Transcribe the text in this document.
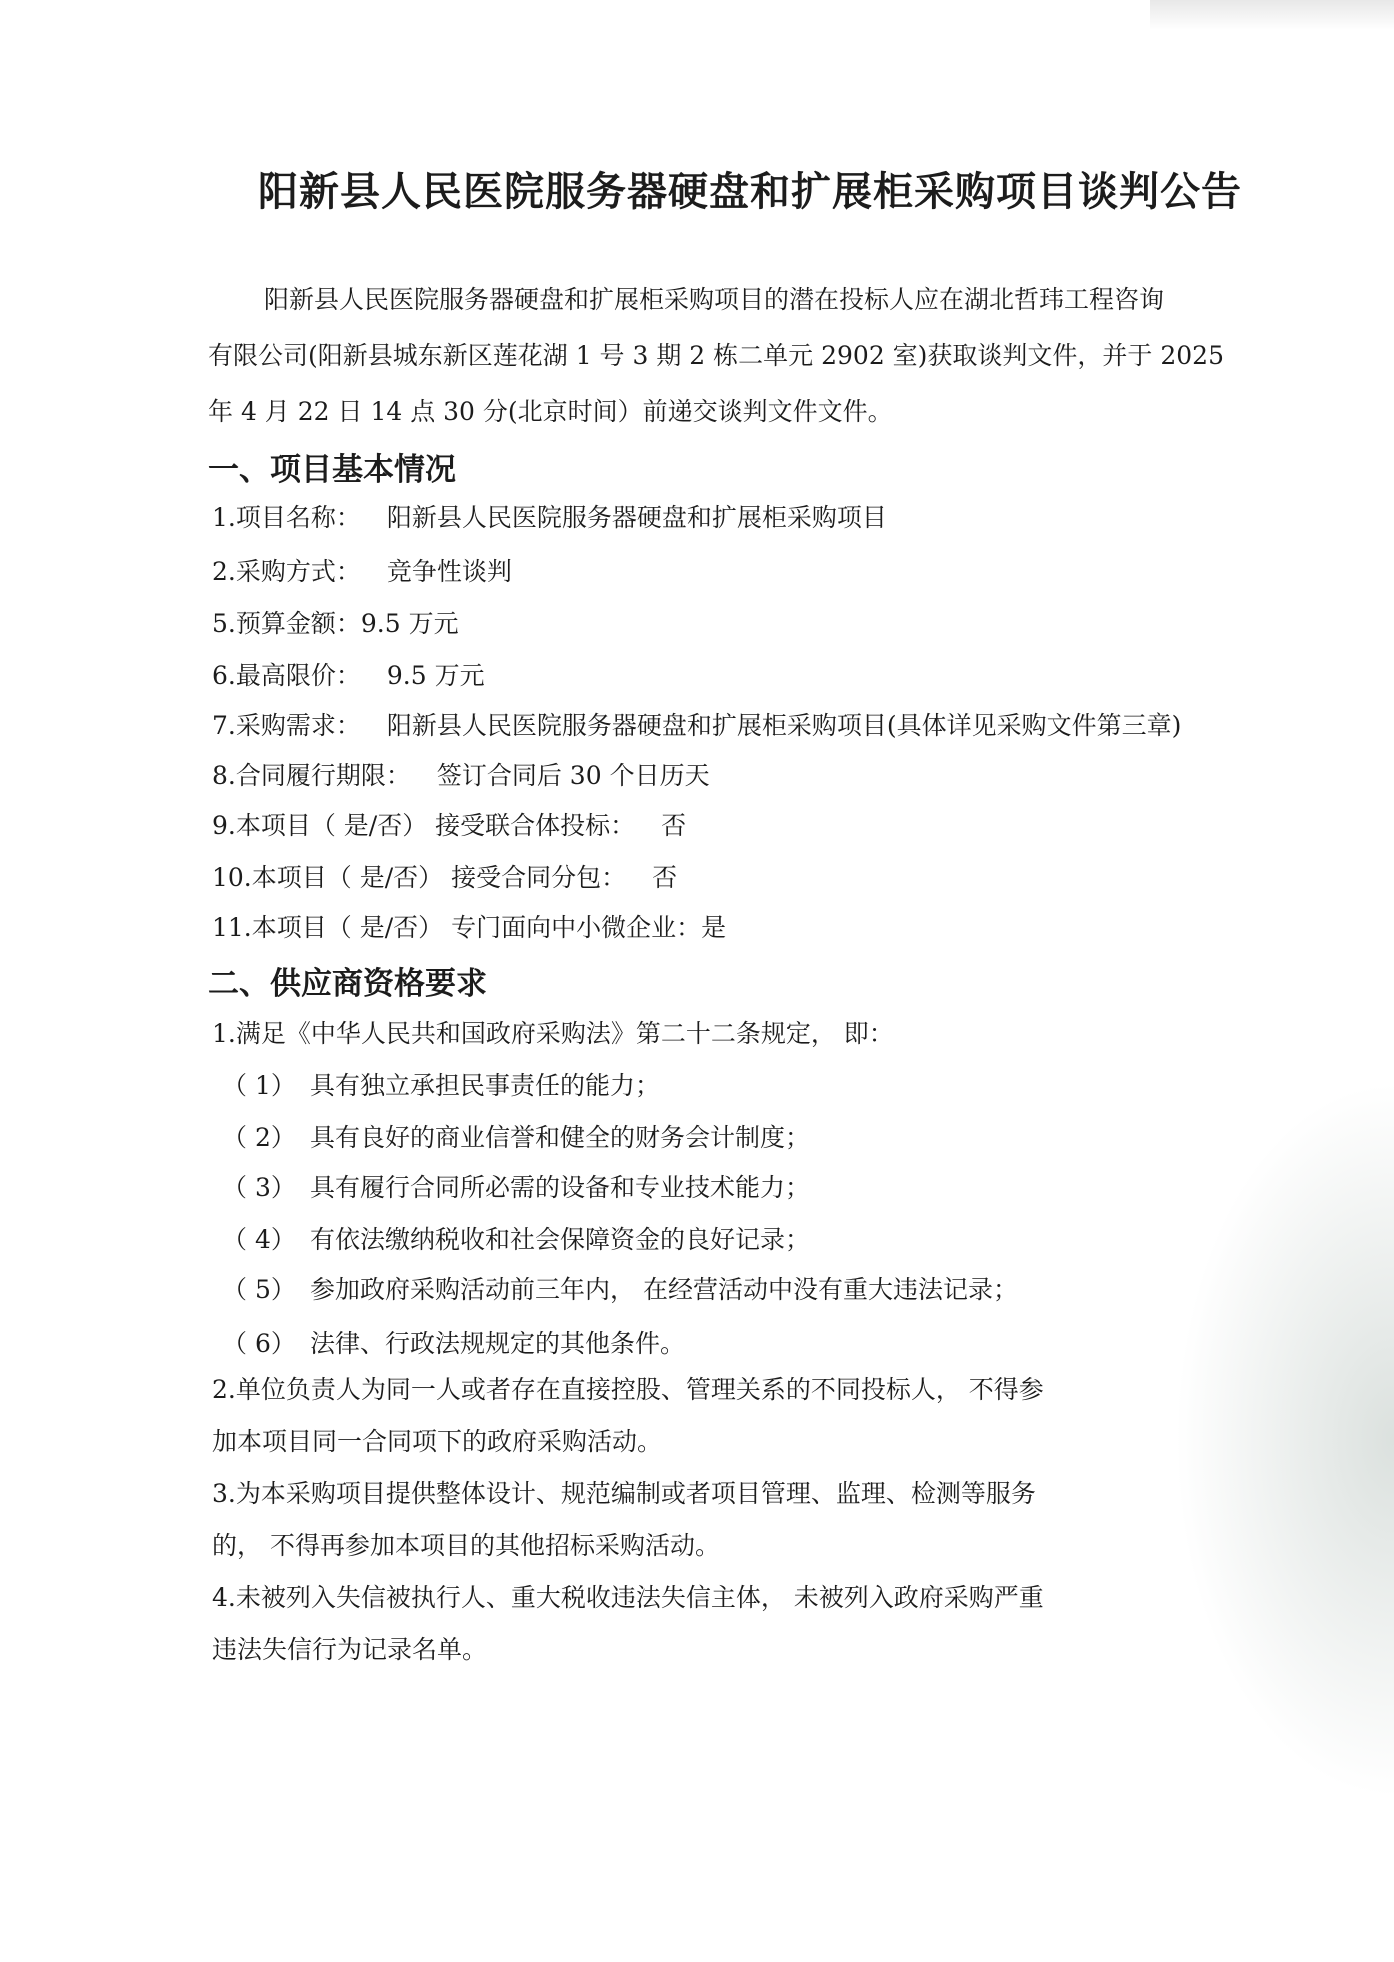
阳新县人民医院服务器硬盘和扩展柜采购项目谈判公告
阳新县人民医院服务器硬盘和扩展柜采购项目的潜在投标人应在湖北哲玮工程咨询
有限公司(阳新县城东新区莲花湖 1 号 3 期 2 栋二单元 2902 室)获取谈判文件，并于 2025
年 4 月 22 日 14 点 30 分(北京时间）前递交谈判文件文件。
一、项目基本情况
1.项目名称： 阳新县人民医院服务器硬盘和扩展柜采购项目
2.采购方式： 竞争性谈判
5.预算金额：9.5 万元
6.最高限价： 9.5 万元
7.采购需求： 阳新县人民医院服务器硬盘和扩展柜采购项目(具体详见采购文件第三章)
8.合同履行期限： 签订合同后 30 个日历天
9.本项目（ 是/否） 接受联合体投标： 否
10.本项目（ 是/否） 接受合同分包： 否
11.本项目（ 是/否） 专门面向中小微企业：是
二、供应商资格要求
1.满足《中华人民共和国政府采购法》第二十二条规定， 即：
（ 1） 具有独立承担民事责任的能力；
（ 2） 具有良好的商业信誉和健全的财务会计制度；
（ 3） 具有履行合同所必需的设备和专业技术能力；
（ 4） 有依法缴纳税收和社会保障资金的良好记录；
（ 5） 参加政府采购活动前三年内， 在经营活动中没有重大违法记录；
（ 6） 法律、行政法规规定的其他条件。
2.单位负责人为同一人或者存在直接控股、管理关系的不同投标人， 不得参
加本项目同一合同项下的政府采购活动。
3.为本采购项目提供整体设计、规范编制或者项目管理、监理、检测等服务
的， 不得再参加本项目的其他招标采购活动。
4.未被列入失信被执行人、重大税收违法失信主体， 未被列入政府采购严重
违法失信行为记录名单。
